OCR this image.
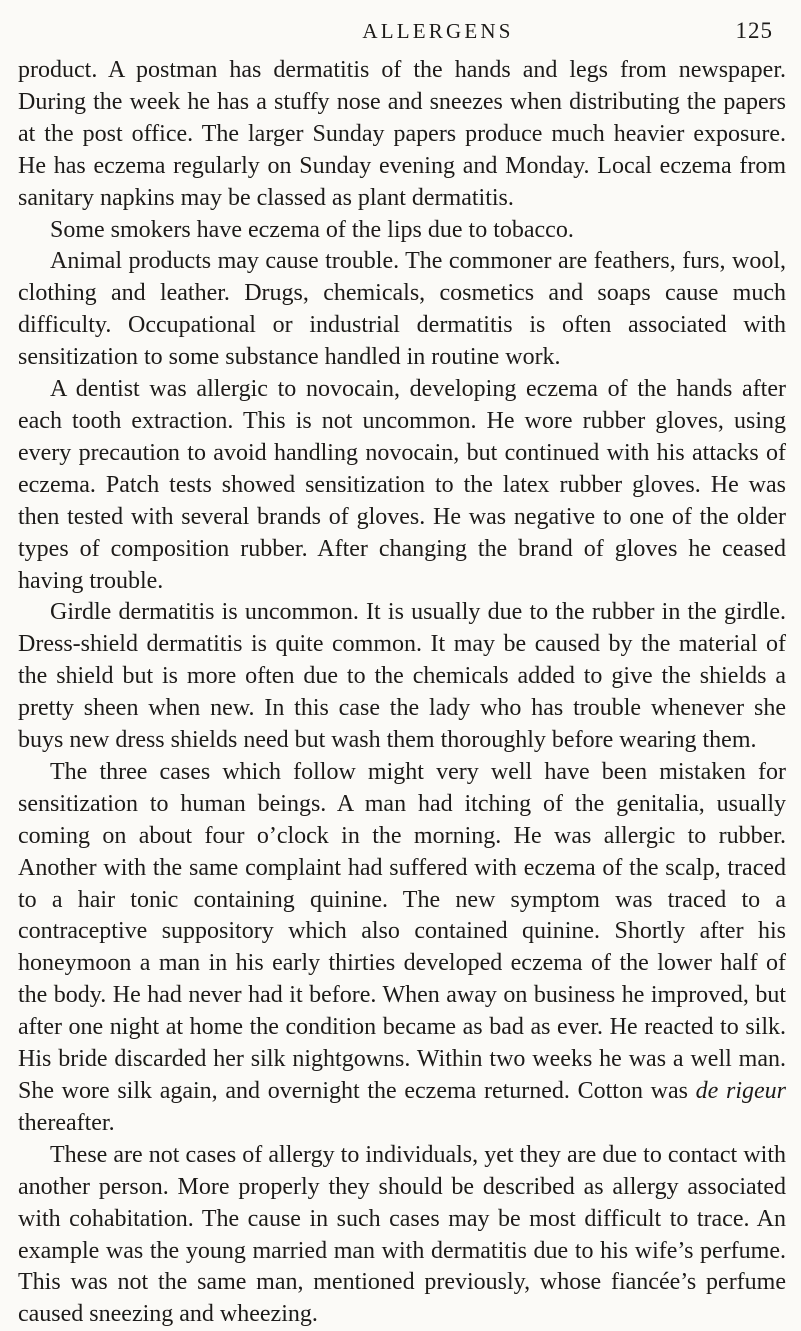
ALLERGENS	125

product. A postman has dermatitis of the hands and legs from newspaper. During the week he has a stuffy nose and sneezes when distributing the papers at the post office. The larger Sunday papers produce much heavier exposure. He has eczema regularly on Sunday evening and Monday. Local eczema from sanitary napkins may be classed as plant dermatitis.

Some smokers have eczema of the lips due to tobacco.

Animal products may cause trouble. The commoner are feathers, furs, wool, clothing and leather. Drugs, chemicals, cosmetics and soaps cause much difficulty. Occupational or industrial dermatitis is often associated with sensitization to some substance handled in routine work.

A dentist was allergic to novocain, developing eczema of the hands after each tooth extraction. This is not uncommon. He wore rubber gloves, using every precaution to avoid handling novocain, but continued with his attacks of eczema. Patch tests showed sensitization to the latex rubber gloves. He was then tested with several brands of gloves. He was negative to one of the older types of composition rubber. After changing the brand of gloves he ceased having trouble.

Girdle dermatitis is uncommon. It is usually due to the rubber in the girdle. Dress-shield dermatitis is quite common. It may be caused by the material of the shield but is more often due to the chemicals added to give the shields a pretty sheen when new. In this case the lady who has trouble whenever she buys new dress shields need but wash them thoroughly before wearing them.

The three cases which follow might very well have been mistaken for sensitization to human beings. A man had itching of the genitalia, usually coming on about four o’clock in the morning. He was allergic to rubber. Another with the same complaint had suffered with eczema of the scalp, traced to a hair tonic containing quinine. The new symptom was traced to a contraceptive suppository which also contained quinine. Shortly after his honeymoon a man in his early thirties developed eczema of the lower half of the body. He had never had it before. When away on business he improved, but after one night at home the condition became as bad as ever. He reacted to silk. His bride discarded her silk nightgowns. Within two weeks he was a well man. She wore silk again, and overnight the eczema returned. Cotton was de rigeur thereafter.

These are not cases of allergy to individuals, yet they are due to contact with another person. More properly they should be described as allergy associated with cohabitation. The cause in such cases may be most difficult to trace. An example was the young married man with dermatitis due to his wife’s perfume. This was not the same man, mentioned previously, whose fiancée’s perfume caused sneezing and wheezing.
